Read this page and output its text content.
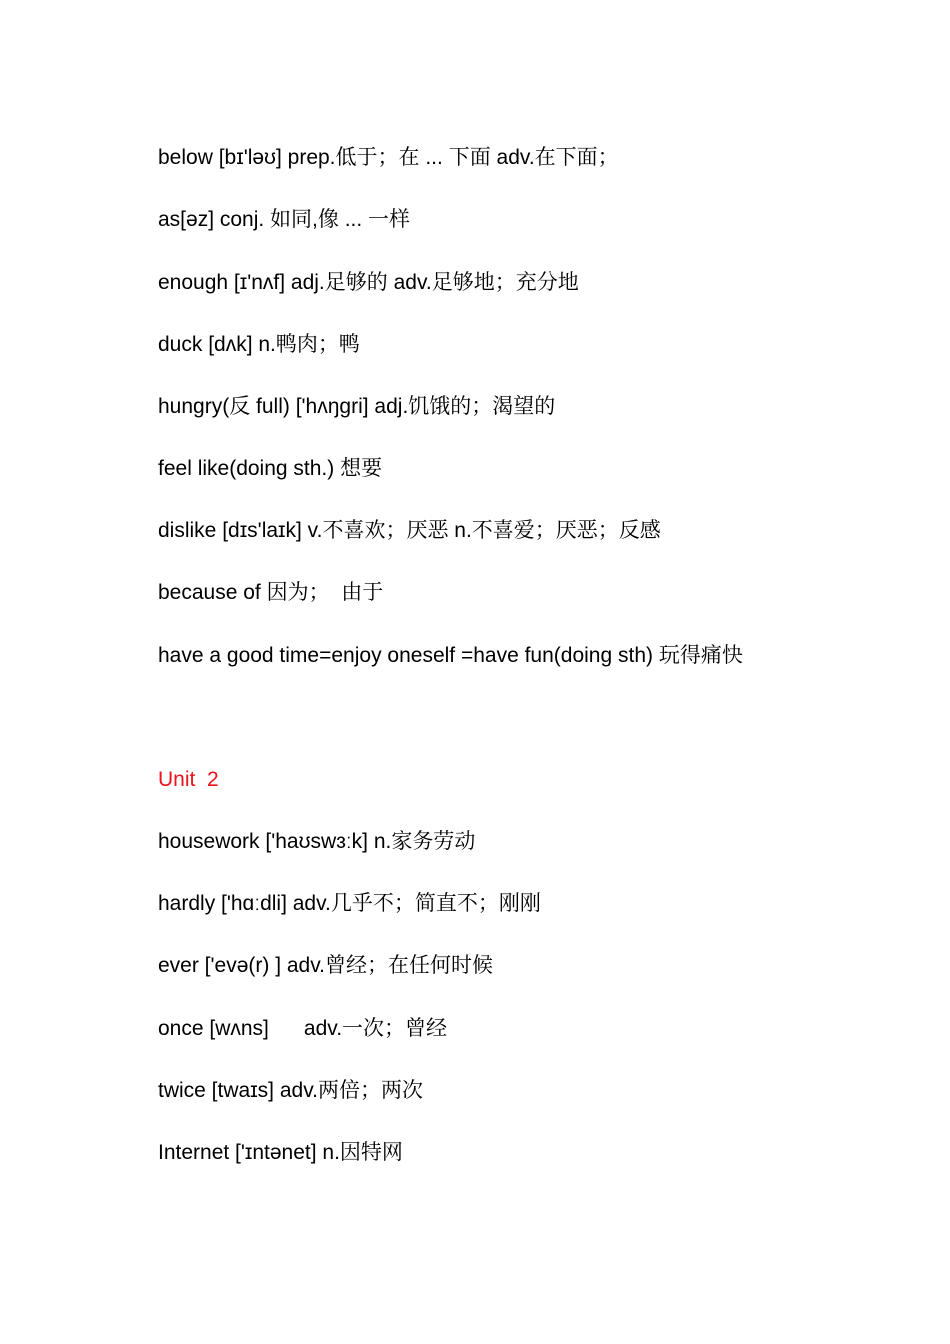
below [bɪ'ləʊ] prep.低于；在 ... 下面 adv.在下面；
as[əz] conj. 如同,像 ... 一样
enough [ɪ'nʌf] adj.足够的 adv.足够地；充分地
duck [dʌk] n.鸭肉；鸭
hungry(反 full) ['hʌŋgri] adj.饥饿的；渴望的
feel like(doing sth.) 想要
dislike [dɪs'laɪk] v.不喜欢；厌恶 n.不喜爱；厌恶；反感
because of 因为；  由于
have a good time=enjoy oneself =have fun(doing sth) 玩得痛快
Unit  2
housework ['haʊswɜːk] n.家务劳动
hardly ['hɑːdli] adv.几乎不；简直不；刚刚
ever ['evə(r) ] adv.曾经；在任何时候
once [wʌns]      adv.一次；曾经
twice [twaɪs] adv.两倍；两次
Internet ['ɪntənet] n.因特网
